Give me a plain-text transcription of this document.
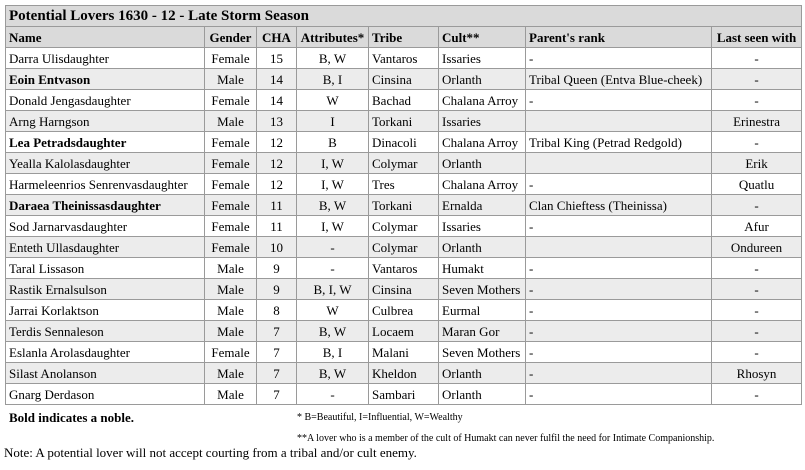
Potential Lovers 1630 - 12 - Late Storm Season							
Name	Gender	CHA	Attributes*	Tribe	Cult**	Parent's rank	Last seen with
Darra Ulisdaughter	Female	15	B, W	Vantaros	Issaries	-	-
Eoin Entvason	Male	14	B, I	Cinsina	Orlanth	Tribal Queen (Entva Blue-cheek)	-
Donald Jengasdaughter	Female	14	W	Bachad	Chalana Arroy	-	-
Arng Harngson	Male	13	I	Torkani	Issaries		Erinestra
Lea Petradsdaughter	Female	12	B	Dinacoli	Chalana Arroy	Tribal King (Petrad Redgold)	-
Yealla Kalolasdaughter	Female	12	I, W	Colymar	Orlanth		Erik
Harmeleenrios Senrenvasdaughter	Female	12	I, W	Tres	Chalana Arroy	-	Quatlu
Daraea Theinissasdaughter	Female	11	B, W	Torkani	Ernalda	Clan Chieftess (Theinissa)	-
Sod Jarnarvasdaughter	Female	11	I, W	Colymar	Issaries	-	Afur
Enteth Ullasdaughter	Female	10	-	Colymar	Orlanth		Ondureen
Taral Lissason	Male	9	-	Vantaros	Humakt	-	-
Rastik Ernalsulson	Male	9	B, I, W	Cinsina	Seven Mothers	-	-
Jarrai Korlaktson	Male	8	W	Culbrea	Eurmal	-	-
Terdis Sennaleson	Male	7	B, W	Locaem	Maran Gor	-	-
Eslanla Arolasdaughter	Female	7	B, I	Malani	Seven Mothers	-	-
Silast Anolanson	Male	7	B, W	Kheldon	Orlanth	-	Rhosyn
Gnarg Derdason	Male	7	-	Sambari	Orlanth	-	-
Bold indicates a noble.	* B=Beautiful, I=Influential, W=Wealthy
**A lover who is a member of the cult of Humakt can never fulfil the need for Intimate Companionship.
Note: A potential lover will not accept courting from a tribal and/or cult enemy.
